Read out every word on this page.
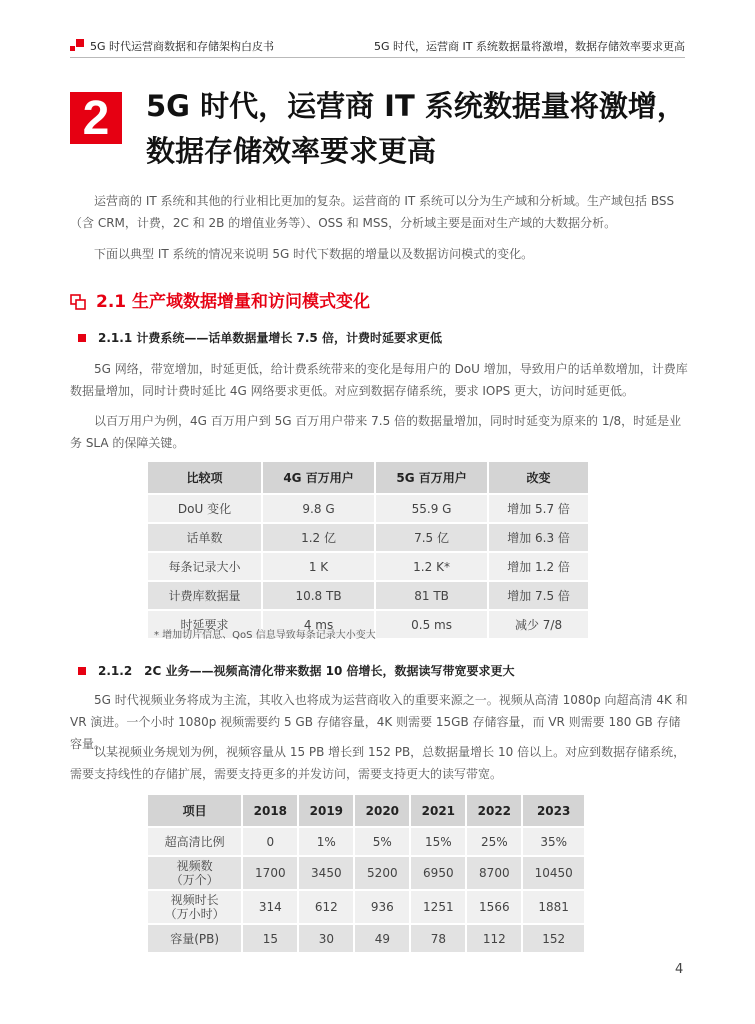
5G 时代运营商数据和存储架构白皮书	5G 时代，运营商 IT 系统数据量将激增，数据存储效率要求更高
2	5G 时代，运营商 IT 系统数据量将激增，
数据存储效率要求更高

运营商的 IT 系统和其他的行业相比更加的复杂。运营商的 IT 系统可以分为生产域和分析域。生产域包括 BSS（含 CRM，计费，2C 和 2B 的增值业务等）、OSS 和 MSS，分析域主要是面对生产域的大数据分析。

下面以典型 IT 系统的情况来说明 5G 时代下数据的增量以及数据访问模式的变化。

2.1 生产域数据增量和访问模式变化
2.1.1 计费系统——话单数据量增长 7.5 倍，计费时延要求更低

5G 网络，带宽增加，时延更低，给计费系统带来的变化是每用户的 DoU 增加，导致用户的话单数增加，计费库数据量增加，同时计费时延比 4G 网络要求更低。对应到数据存储系统，要求 IOPS 更大，访问时延更低。

以百万用户为例，4G 百万用户到 5G 百万用户带来 7.5 倍的数据量增加，同时时延变为原来的 1/8，时延是业务 SLA 的保障关键。

比较项	4G 百万用户	5G 百万用户	改变
DoU 变化	9.8 G	55.9 G	增加 5.7 倍
话单数	1.2 亿	7.5 亿	增加 6.3 倍
每条记录大小	1 K	1.2 K*	增加 1.2 倍
计费库数据量	10.8 TB	81 TB	增加 7.5 倍
时延要求	4 ms	0.5 ms	减少 7/8
* 增加切片信息、QoS 信息导致每条记录大小变大
2.1.2　2C 业务——视频高清化带来数据 10 倍增长，数据读写带宽要求更大

5G 时代视频业务将成为主流，其收入也将成为运营商收入的重要来源之一。视频从高清 1080p 向超高清 4K 和 VR 演进。一个小时 1080p 视频需要约 5 GB 存储容量，4K 则需要 15GB 存储容量，而 VR 则需要 180 GB 存储容量。

以某视频业务规划为例，视频容量从 15 PB 增长到 152 PB，总数据量增长 10 倍以上。对应到数据存储系统，需要支持线性的存储扩展，需要支持更多的并发访问，需要支持更大的读写带宽。

项目	2018	2019	2020	2021	2022	2023
超高清比例	0	1%	5%	15%	25%	35%
视频数
（万个）	1700	3450	5200	6950	8700	10450
视频时长
（万小时）	314	612	936	1251	1566	1881
容量(PB)	15	30	49	78	112	152
4
